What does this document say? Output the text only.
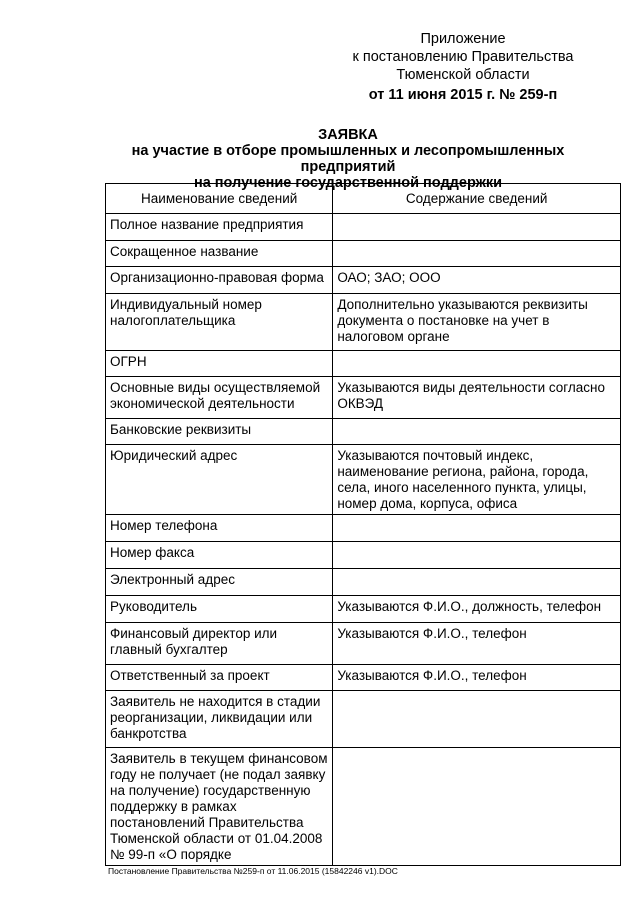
Приложение
к постановлению Правительства
Тюменской области
от 11 июня 2015 г. № 259-п
ЗАЯВКА
на участие в отборе промышленных и лесопромышленных предприятий
на получение государственной поддержки
Наименование сведений	Содержание сведений
Полное название предприятия	
Сокращенное название	
Организационно-правовая форма	ОАО; ЗАО; ООО
Индивидуальный номер налогоплательщика	Дополнительно указываются реквизиты документа о постановке на учет в налоговом органе
ОГРН	
Основные виды осуществляемой экономической деятельности	Указываются виды деятельности согласно ОКВЭД
Банковские реквизиты	
Юридический адрес	Указываются почтовый индекс, наименование региона, района, города, села, иного населенного пункта, улицы, номер дома, корпуса, офиса
Номер телефона	
Номер факса	
Электронный адрес	
Руководитель	Указываются Ф.И.О., должность, телефон
Финансовый директор или главный бухгалтер	Указываются Ф.И.О., телефон
Ответственный за проект	Указываются Ф.И.О., телефон
Заявитель не находится в стадии реорганизации, ликвидации или банкротства	
Заявитель в текущем финансовом году не получает (не подал заявку на получение) государственную поддержку в рамках постановлений Правительства Тюменской области от 01.04.2008 № 99-п «О порядке	
Постановление Правительства №259-п от 11.06.2015 (15842246 v1).DOC
